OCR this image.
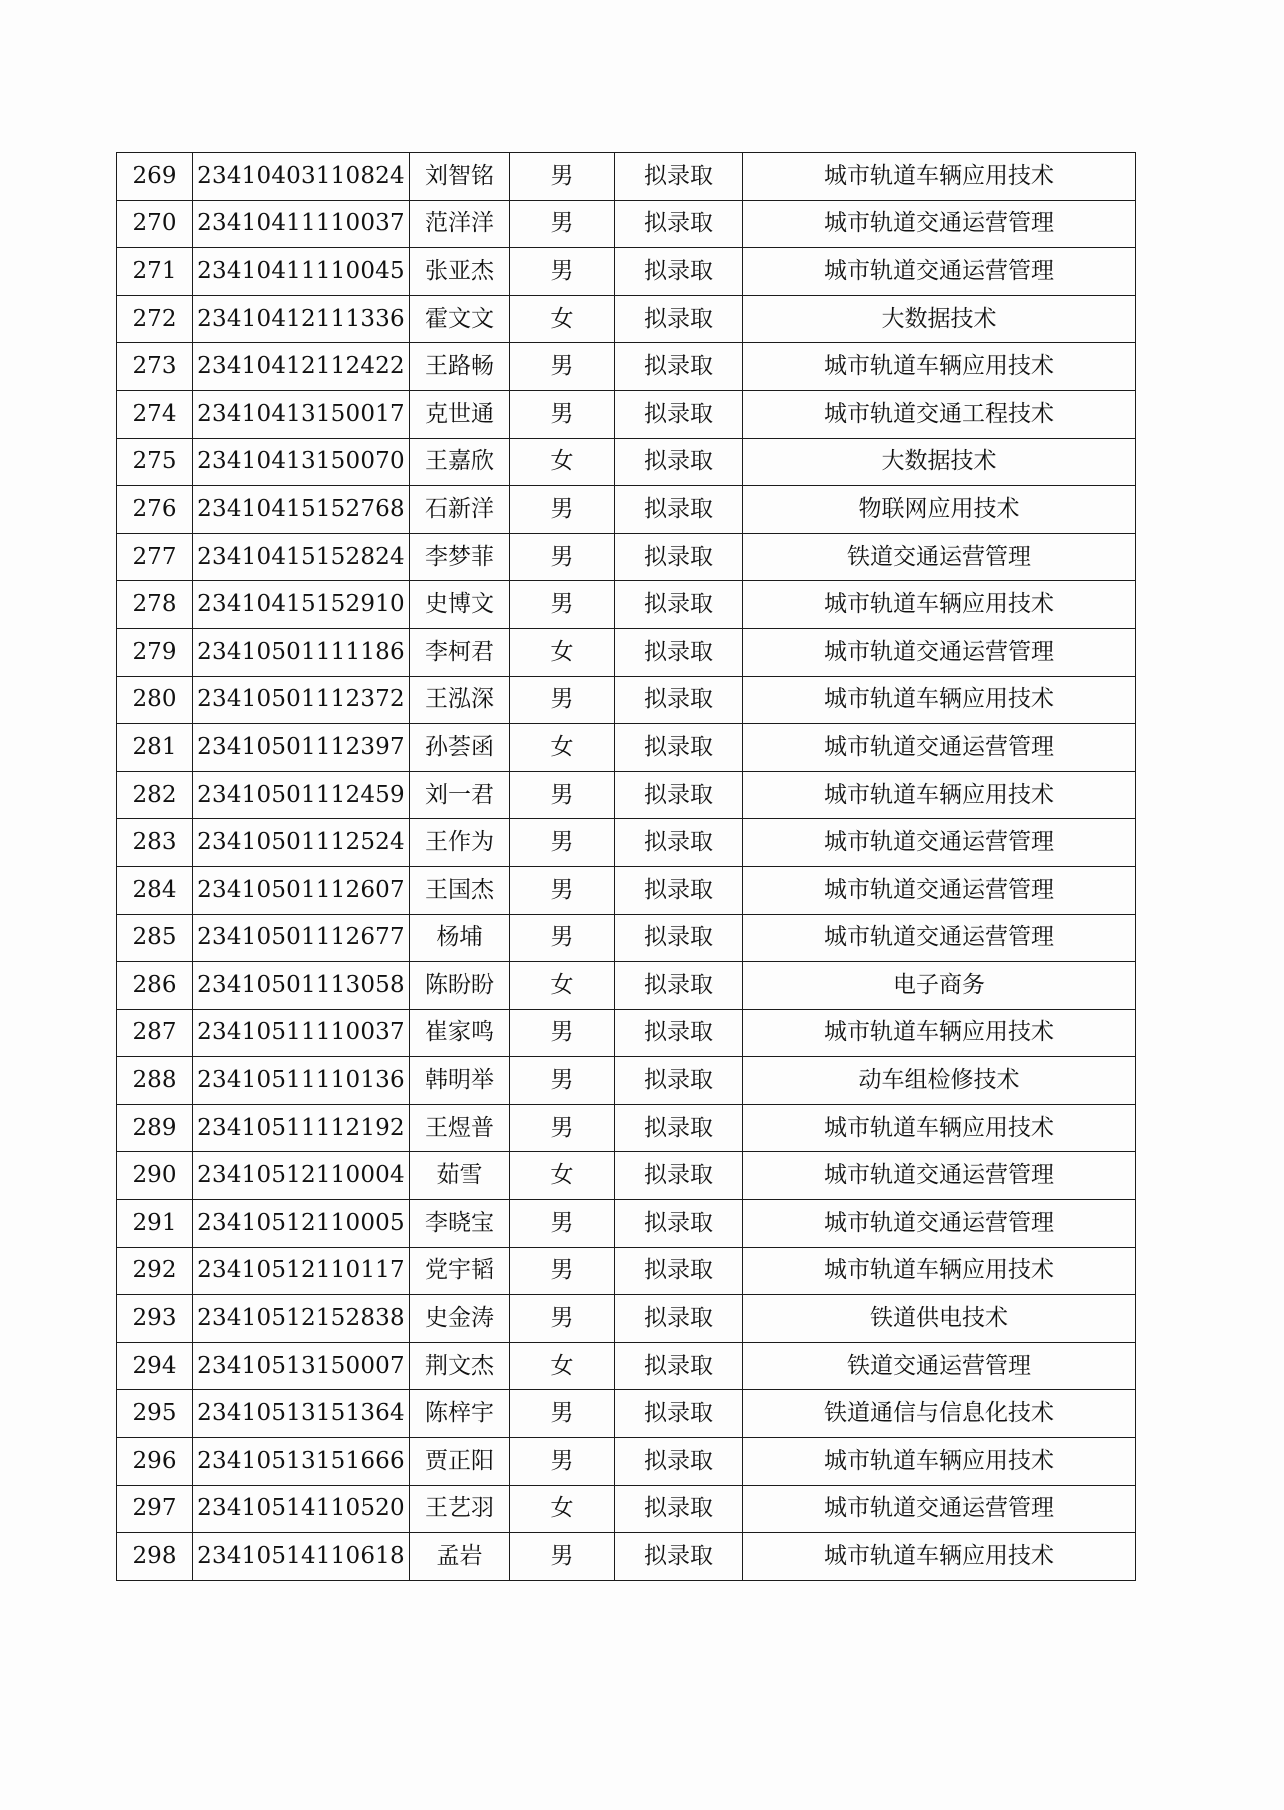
269	23410403110824	刘智铭	男	拟录取	城市轨道车辆应用技术
270	23410411110037	范洋洋	男	拟录取	城市轨道交通运营管理
271	23410411110045	张亚杰	男	拟录取	城市轨道交通运营管理
272	23410412111336	霍文文	女	拟录取	大数据技术
273	23410412112422	王路畅	男	拟录取	城市轨道车辆应用技术
274	23410413150017	克世通	男	拟录取	城市轨道交通工程技术
275	23410413150070	王嘉欣	女	拟录取	大数据技术
276	23410415152768	石新洋	男	拟录取	物联网应用技术
277	23410415152824	李梦菲	男	拟录取	铁道交通运营管理
278	23410415152910	史博文	男	拟录取	城市轨道车辆应用技术
279	23410501111186	李柯君	女	拟录取	城市轨道交通运营管理
280	23410501112372	王泓深	男	拟录取	城市轨道车辆应用技术
281	23410501112397	孙荟函	女	拟录取	城市轨道交通运营管理
282	23410501112459	刘一君	男	拟录取	城市轨道车辆应用技术
283	23410501112524	王作为	男	拟录取	城市轨道交通运营管理
284	23410501112607	王国杰	男	拟录取	城市轨道交通运营管理
285	23410501112677	杨埔	男	拟录取	城市轨道交通运营管理
286	23410501113058	陈盼盼	女	拟录取	电子商务
287	23410511110037	崔家鸣	男	拟录取	城市轨道车辆应用技术
288	23410511110136	韩明举	男	拟录取	动车组检修技术
289	23410511112192	王煜普	男	拟录取	城市轨道车辆应用技术
290	23410512110004	茹雪	女	拟录取	城市轨道交通运营管理
291	23410512110005	李晓宝	男	拟录取	城市轨道交通运营管理
292	23410512110117	党宇韬	男	拟录取	城市轨道车辆应用技术
293	23410512152838	史金涛	男	拟录取	铁道供电技术
294	23410513150007	荆文杰	女	拟录取	铁道交通运营管理
295	23410513151364	陈梓宇	男	拟录取	铁道通信与信息化技术
296	23410513151666	贾正阳	男	拟录取	城市轨道车辆应用技术
297	23410514110520	王艺羽	女	拟录取	城市轨道交通运营管理
298	23410514110618	孟岩	男	拟录取	城市轨道车辆应用技术
